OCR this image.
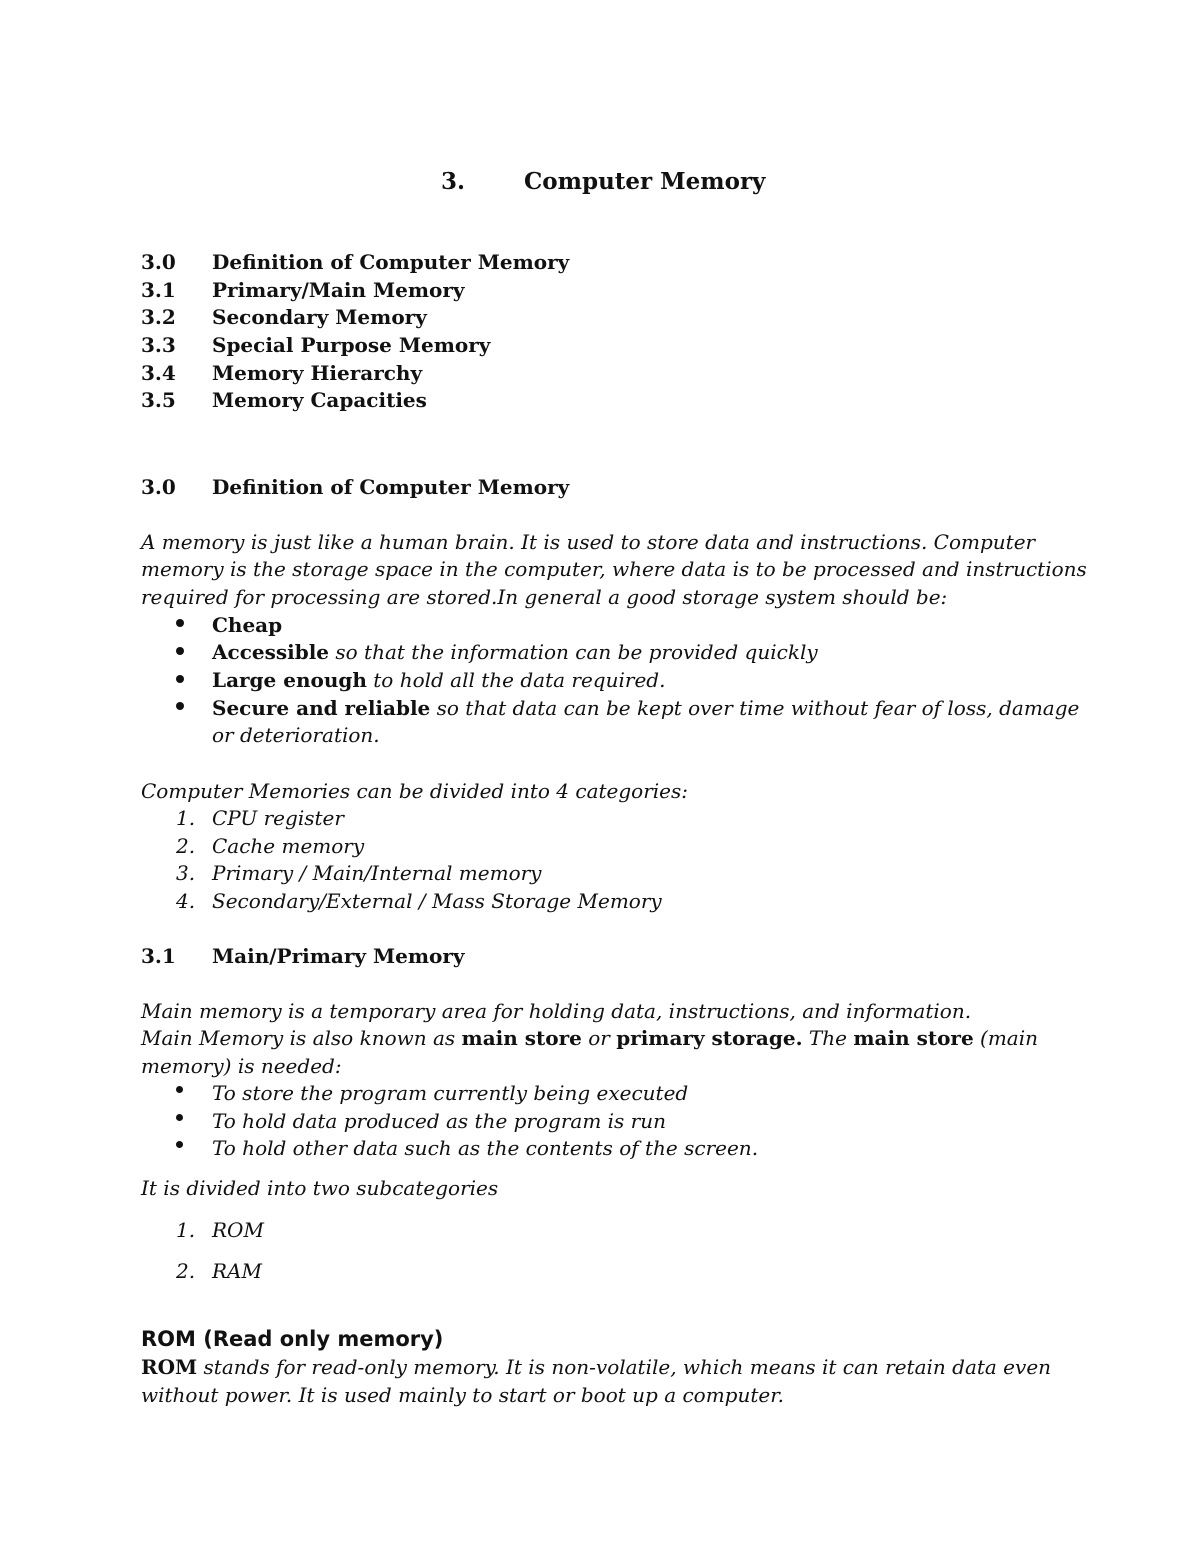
3.	Computer Memory
3.0 Definition of Computer Memory
3.1 Primary/Main Memory
3.2 Secondary Memory
3.3 Special Purpose Memory
3.4 Memory Hierarchy
3.5 Memory Capacities
3.0 Definition of Computer Memory
A memory is just like a human brain. It is used to store data and instructions. Computer
memory is the storage space in the computer, where data is to be processed and instructions
required for processing are stored.In general a good storage system should be:
Cheap
Accessible so that the information can be provided quickly
Large enough to hold all the data required.
Secure and reliable so that data can be kept over time without fear of loss, damage
or deterioration.
Computer Memories can be divided into 4 categories:
1. CPU register
2. Cache memory
3. Primary / Main/Internal memory
4. Secondary/External / Mass Storage Memory
3.1 Main/Primary Memory
Main memory is a temporary area for holding data, instructions, and information.
Main Memory is also known as main store or primary storage. The main store (main
memory) is needed:
To store the program currently being executed
To hold data produced as the program is run
To hold other data such as the contents of the screen.
It is divided into two subcategories
1. ROM
2. RAM
ROM (Read only memory)
ROM stands for read-only memory. It is non-volatile, which means it can retain data even
without power. It is used mainly to start or boot up a computer.
